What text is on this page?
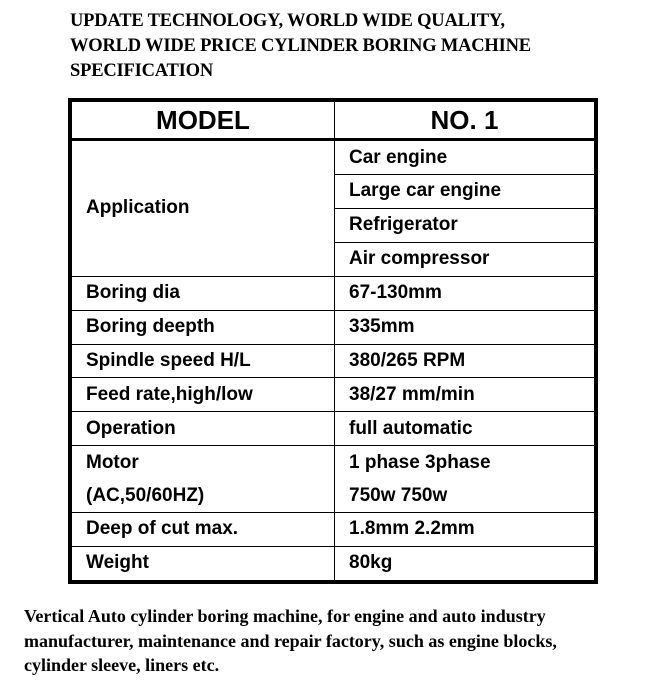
UPDATE TECHNOLOGY, WORLD WIDE QUALITY,
WORLD WIDE PRICE CYLINDER BORING MACHINE
SPECIFICATION
MODEL	NO. 1
Application	Car engine
	Large car engine
	Refrigerator
	Air compressor
Boring dia	67-130mm
Boring deepth	335mm
Spindle speed H/L	380/265 RPM
Feed rate,high/low	38/27 mm/min
Operation	full automatic
Motor	1 phase 3phase
(AC,50/60HZ)	750w 750w
Deep of cut max.	1.8mm 2.2mm
Weight	80kg
Vertical Auto cylinder boring machine, for engine and auto industry
manufacturer, maintenance and repair factory, such as engine blocks,
cylinder sleeve, liners etc.
